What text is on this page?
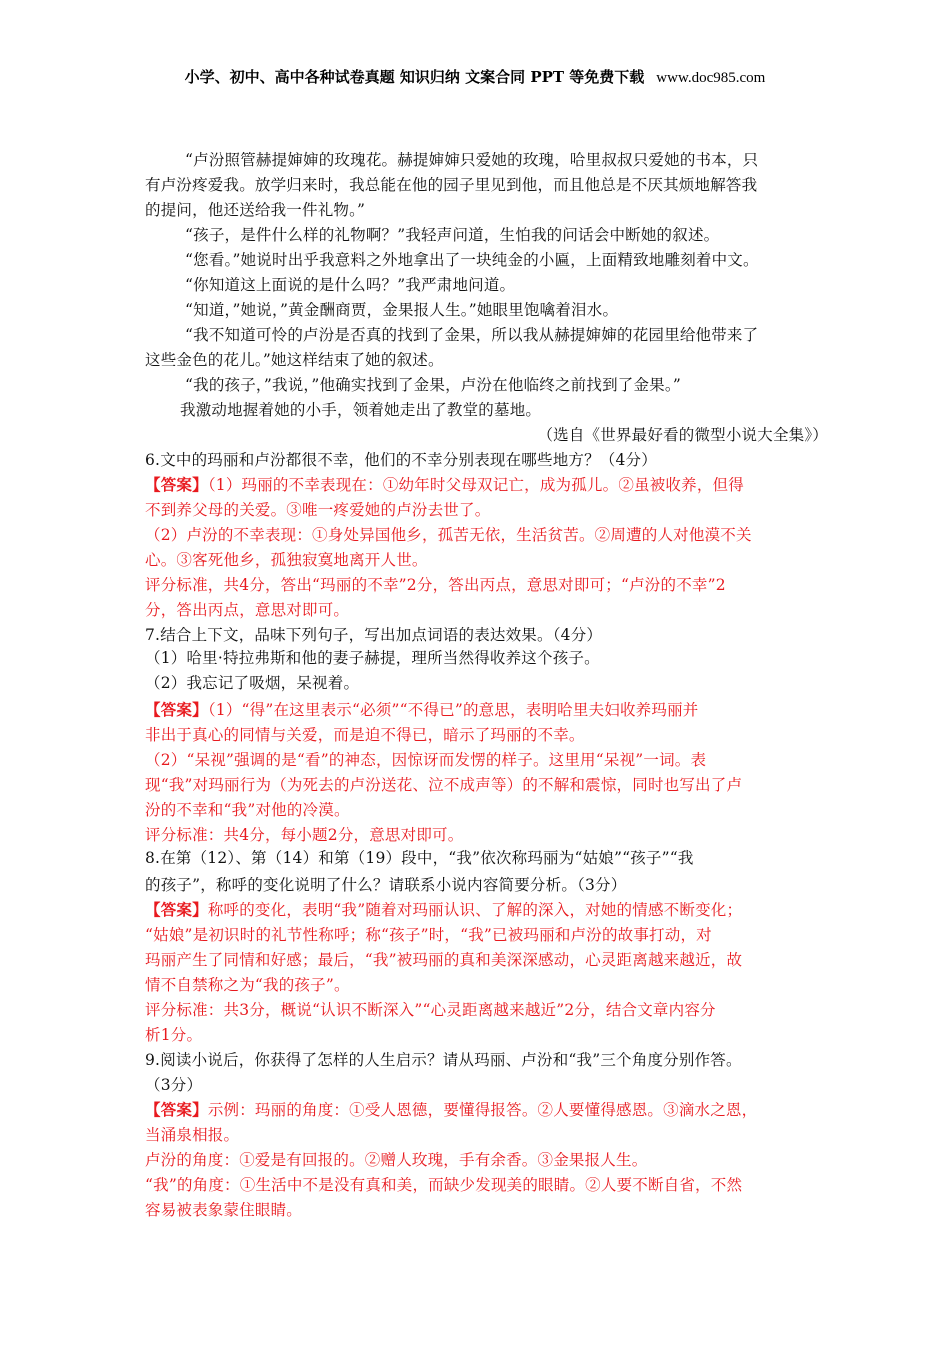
小学、初中、高中各种试卷真题 知识归纳 文案合同 PPT 等免费下载 www.doc985.com
“卢汾照管赫提婶婶的玫瑰花。赫提婶婶只爱她的玫瑰，哈里叔叔只爱她的书本，只
有卢汾疼爱我。放学归来时，我总能在他的园子里见到他，而且他总是不厌其烦地解答我
的提问，他还送给我一件礼物。”
“孩子，是件什么样的礼物啊？”我轻声问道，生怕我的问话会中断她的叙述。
“您看。”她说时出乎我意料之外地拿出了一块纯金的小匾，上面精致地雕刻着中文。
“你知道这上面说的是什么吗？”我严肃地问道。
“知道，”她说，”黄金酬商贾，金果报人生。”她眼里饱噙着泪水。
“我不知道可怜的卢汾是否真的找到了金果，所以我从赫提婶婶的花园里给他带来了
这些金色的花儿。”她这样结束了她的叙述。
“我的孩子，”我说，”他确实找到了金果，卢汾在他临终之前找到了金果。”
我激动地握着她的小手，领着她走出了教堂的墓地。
（选自《世界最好看的微型小说大全集》）
6.文中的玛丽和卢汾都很不幸，他们的不幸分别表现在哪些地方？（4分）
【答案】（1）玛丽的不幸表现在：①幼年时父母双记亡，成为孤儿。②虽被收养，但得
不到养父母的关爱。③唯一疼爱她的卢汾去世了。
（2）卢汾的不幸表现：①身处异国他乡，孤苦无依，生活贫苦。②周遭的人对他漠不关
心。③客死他乡，孤独寂寞地离开人世。
评分标准，共4分，答出“玛丽的不幸”2分，答出丙点，意思对即可；“卢汾的不幸”2
分，答出丙点，意思对即可。
7.结合上下文，品味下列句子，写出加点词语的表达效果。（4分）
（1）哈里·特拉弗斯和他的妻子赫提，理所当然得收养这个孩子。
（2）我忘记了吸烟，呆视着。
【答案】（1）“得”在这里表示“必须”“不得已”的意思，表明哈里夫妇收养玛丽并
非出于真心的同情与关爱，而是迫不得已，暗示了玛丽的不幸。
（2）“呆视”强调的是“看”的神态，因惊讶而发愣的样子。这里用“呆视”一词。表
现“我”对玛丽行为（为死去的卢汾送花、泣不成声等）的不解和震惊，同时也写出了卢
汾的不幸和“我”对他的冷漠。
评分标准：共4分，每小题2分，意思对即可。
8.在第（12）、第（14）和第（19）段中，“我”依次称玛丽为“姑娘”“孩子”“我
的孩子”，称呼的变化说明了什么？请联系小说内容简要分析。（3分）
【答案】称呼的变化，表明“我”随着对玛丽认识、了解的深入，对她的情感不断变化；
“姑娘”是初识时的礼节性称呼；称“孩子”时，“我”已被玛丽和卢汾的故事打动，对
玛丽产生了同情和好感；最后，“我”被玛丽的真和美深深感动，心灵距离越来越近，故
情不自禁称之为“我的孩子”。
评分标准：共3分，概说“认识不断深入”“心灵距离越来越近”2分，结合文章内容分
析1分。
9.阅读小说后，你获得了怎样的人生启示？请从玛丽、卢汾和“我”三个角度分别作答。
（3分）
【答案】示例：玛丽的角度：①受人恩德，要懂得报答。②人要懂得感恩。③滴水之恩，
当涌泉相报。
卢汾的角度：①爱是有回报的。②赠人玫瑰，手有余香。③金果报人生。
“我”的角度：①生活中不是没有真和美，而缺少发现美的眼睛。②人要不断自省，不然
容易被表象蒙住眼睛。
